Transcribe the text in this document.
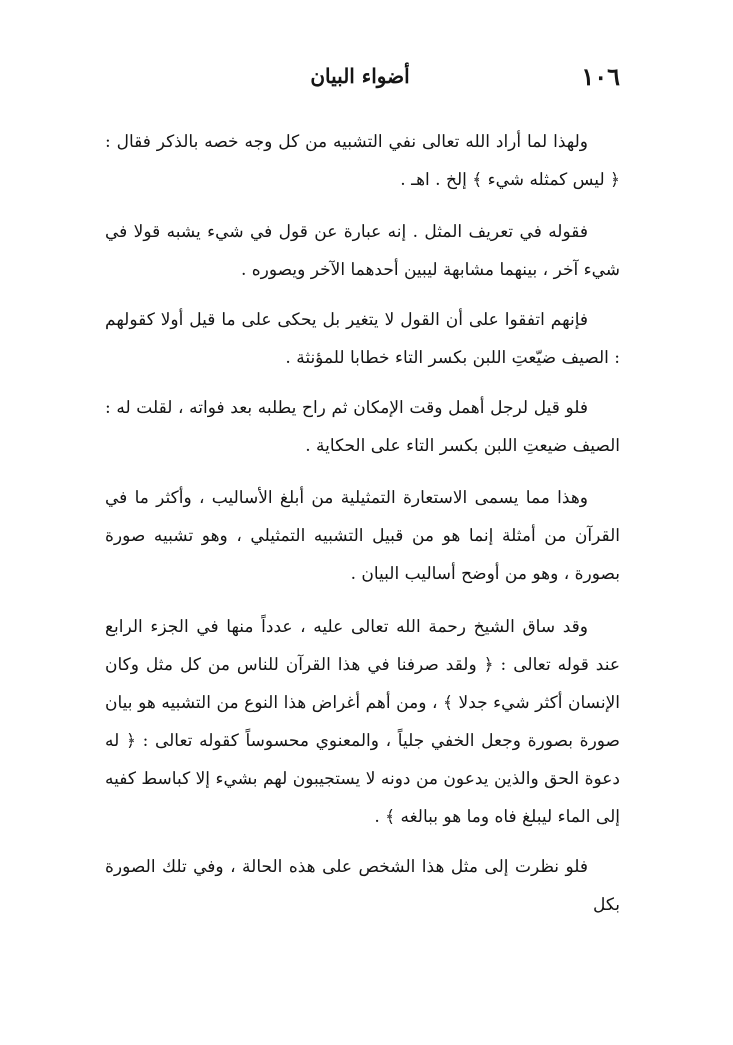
١٠٦
أضواء البيان

ولهذا لما أراد الله تعالى نفي التشبيه من كل وجه خصه بالذكر فقال : ﴿ ليس كمثله شيء ﴾ إلخ . اهـ .

فقوله في تعريف المثل . إنه عبارة عن قول في شيء يشبه قولا في شيء آخر ، بينهما مشابهة ليبين أحدهما الآخر ويصوره .

فإنهم اتفقوا على أن القول لا يتغير بل يحكى على ما قيل أولا كقولهم : الصيف ضيّعتِ اللبن بكسر التاء خطابا للمؤنثة .

فلو قيل لرجل أهمل وقت الإمكان ثم راح يطلبه بعد فواته ، لقلت له : الصيف ضيعتِ اللبن بكسر التاء على الحكاية .

وهذا مما يسمى الاستعارة التمثيلية من أبلغ الأساليب ، وأكثر ما في القرآن من أمثلة إنما هو من قبيل التشبيه التمثيلي ، وهو تشبيه صورة بصورة ، وهو من أوضح أساليب البيان .

وقد ساق الشيخ رحمة الله تعالى عليه ، عدداً منها في الجزء الرابع عند قوله تعالى : ﴿ ولقد صرفنا في هذا القرآن للناس من كل مثل وكان الإنسان أكثر شيء جدلا ﴾ ، ومن أهم أغراض هذا النوع من التشبيه هو بيان صورة بصورة وجعل الخفي جلياً ، والمعنوي محسوساً كقوله تعالى : ﴿ له دعوة الحق والذين يدعون من دونه لا يستجيبون لهم بشيء إلا كباسط كفيه إلى الماء ليبلغ فاه وما هو ببالغه ﴾ .

فلو نظرت إلى مثل هذا الشخص على هذه الحالة ، وفي تلك الصورة بكل
